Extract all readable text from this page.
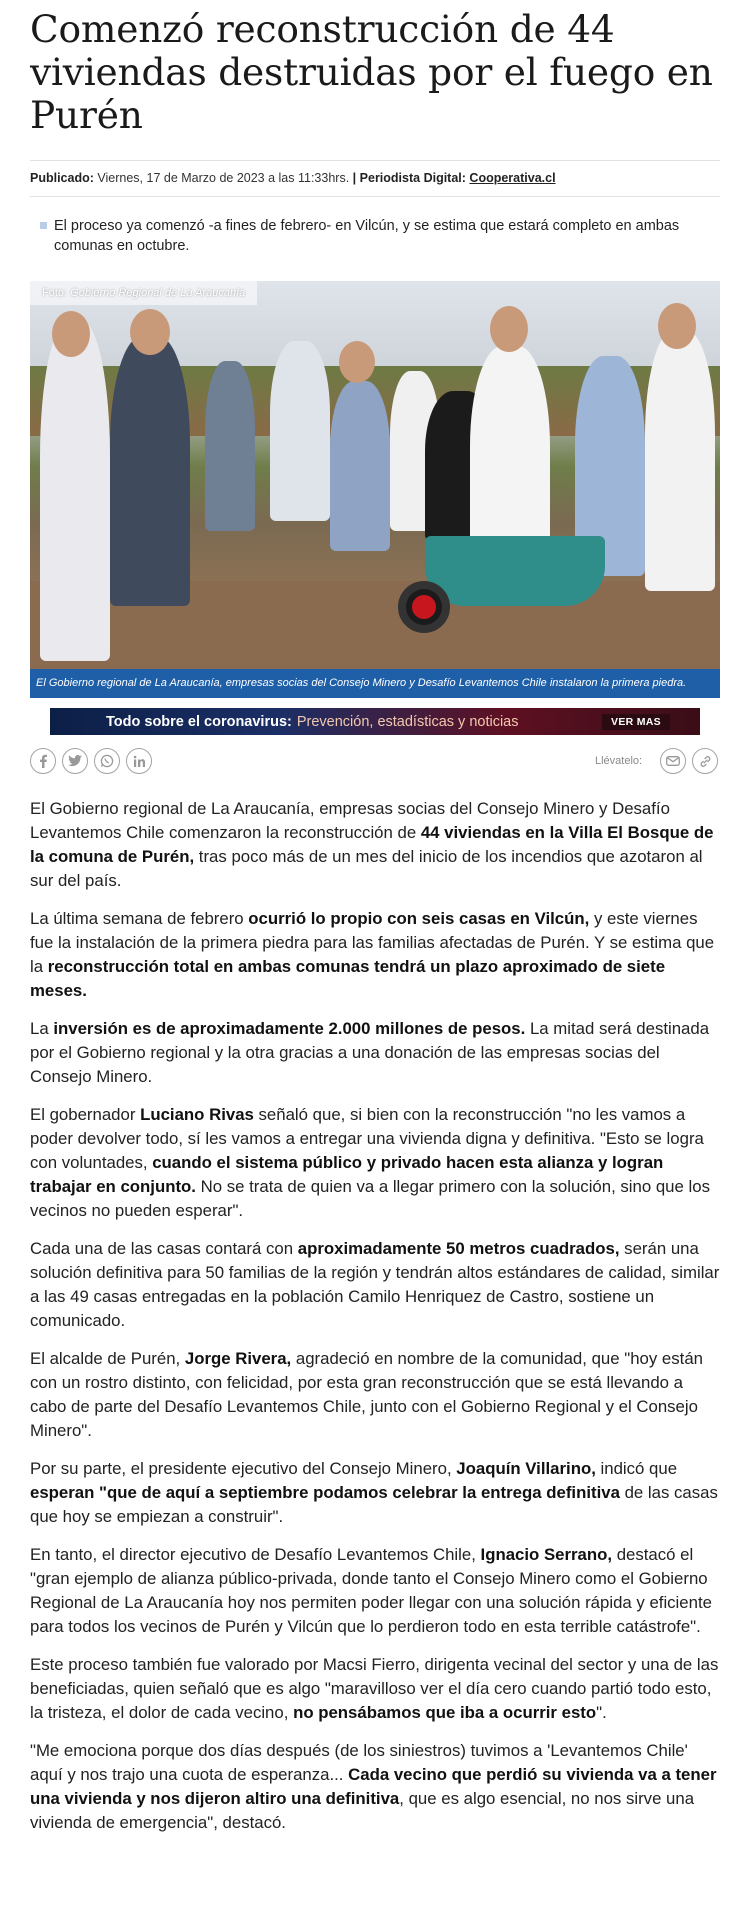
Comenzó reconstrucción de 44 viviendas destruidas por el fuego en Purén
Publicado: Viernes, 17 de Marzo de 2023 a las 11:33hrs. | Periodista Digital: Cooperativa.cl
El proceso ya comenzó -a fines de febrero- en Vilcún, y se estima que estará completo en ambas comunas en octubre.
Foto: Gobierno Regional de La Araucanía
El Gobierno regional de La Araucanía, empresas socias del Consejo Minero y Desafío Levantemos Chile instalaron la primera piedra.
Todo sobre el coronavirus: Prevención, estadísticas y noticias	VER MAS
Llévatelo:

El Gobierno regional de La Araucanía, empresas socias del Consejo Minero y Desafío Levantemos Chile comenzaron la reconstrucción de 44 viviendas en la Villa El Bosque de la comuna de Purén, tras poco más de un mes del inicio de los incendios que azotaron al sur del país.

La última semana de febrero ocurrió lo propio con seis casas en Vilcún, y este viernes fue la instalación de la primera piedra para las familias afectadas de Purén. Y se estima que la reconstrucción total en ambas comunas tendrá un plazo aproximado de siete meses.

La inversión es de aproximadamente 2.000 millones de pesos. La mitad será destinada por el Gobierno regional y la otra gracias a una donación de las empresas socias del Consejo Minero.

El gobernador Luciano Rivas señaló que, si bien con la reconstrucción "no les vamos a poder devolver todo, sí les vamos a entregar una vivienda digna y definitiva. "Esto se logra con voluntades, cuando el sistema público y privado hacen esta alianza y logran trabajar en conjunto. No se trata de quien va a llegar primero con la solución, sino que los vecinos no pueden esperar".

Cada una de las casas contará con aproximadamente 50 metros cuadrados, serán una solución definitiva para 50 familias de la región y tendrán altos estándares de calidad, similar a las 49 casas entregadas en la población Camilo Henriquez de Castro, sostiene un comunicado.

El alcalde de Purén, Jorge Rivera, agradeció en nombre de la comunidad, que "hoy están con un rostro distinto, con felicidad, por esta gran reconstrucción que se está llevando a cabo de parte del Desafío Levantemos Chile, junto con el Gobierno Regional y el Consejo Minero".

Por su parte, el presidente ejecutivo del Consejo Minero, Joaquín Villarino, indicó que esperan "que de aquí a septiembre podamos celebrar la entrega definitiva de las casas que hoy se empiezan a construir".

En tanto, el director ejecutivo de Desafío Levantemos Chile, Ignacio Serrano, destacó el "gran ejemplo de alianza público-privada, donde tanto el Consejo Minero como el Gobierno Regional de La Araucanía hoy nos permiten poder llegar con una solución rápida y eficiente para todos los vecinos de Purén y Vilcún que lo perdieron todo en esta terrible catástrofe".

Este proceso también fue valorado por Macsi Fierro, dirigenta vecinal del sector y una de las beneficiadas, quien señaló que es algo "maravilloso ver el día cero cuando partió todo esto, la tristeza, el dolor de cada vecino, no pensábamos que iba a ocurrir esto".

"Me emociona porque dos días después (de los siniestros) tuvimos a 'Levantemos Chile' aquí y nos trajo una cuota de esperanza... Cada vecino que perdió su vivienda va a tener una vivienda y nos dijeron altiro una definitiva, que es algo esencial, no nos sirve una vivienda de emergencia", destacó.
